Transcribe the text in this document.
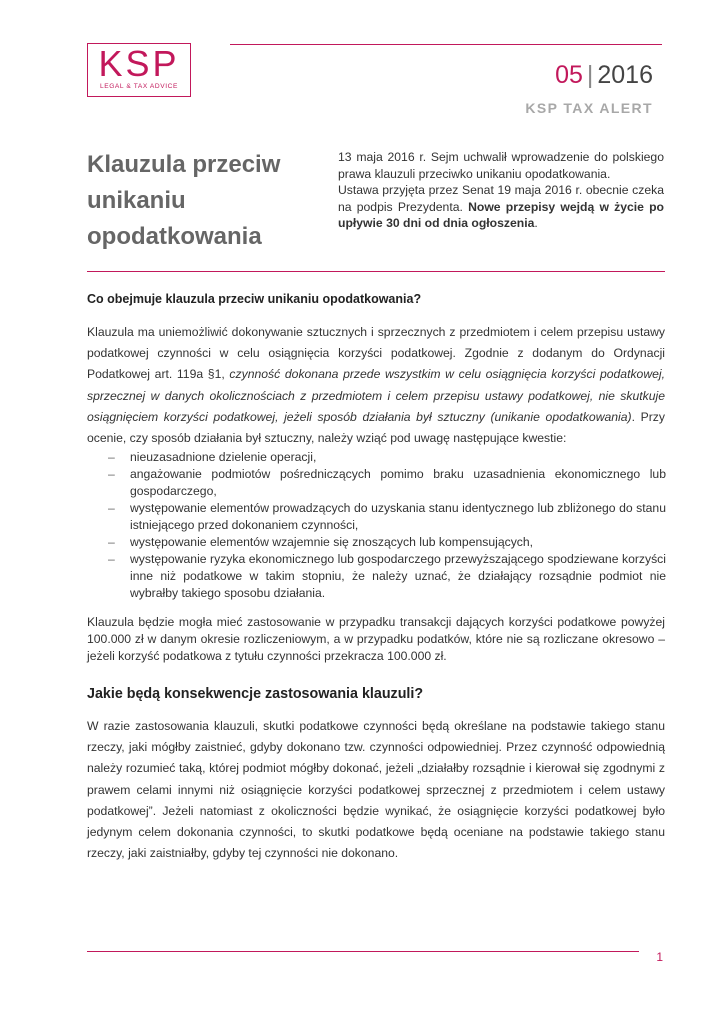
KSP
LEGAL & TAX ADVICE	05 | 2016
KSP TAX ALERT
Klauzula przeciw
unikaniu
opodatkowania

13 maja 2016 r. Sejm uchwalił wprowadzenie do polskiego prawa klauzuli przeciwko unikaniu opodatkowania.

Ustawa przyjęta przez Senat 19 maja 2016 r. obecnie czeka na podpis Prezydenta. Nowe przepisy wejdą w życie po upływie 30 dni od dnia ogłoszenia.

Co obejmuje klauzula przeciw unikaniu opodatkowania?

Klauzula ma uniemożliwić dokonywanie sztucznych i sprzecznych z przedmiotem i celem przepisu ustawy podatkowej czynności w celu osiągnięcia korzyści podatkowej. Zgodnie z dodanym do Ordynacji Podatkowej art. 119a §1, czynność dokonana przede wszystkim w celu osiągnięcia korzyści podatkowej, sprzecznej w danych okolicznościach z przedmiotem i celem przepisu ustawy podatkowej, nie skutkuje osiągnięciem korzyści podatkowej, jeżeli sposób działania był sztuczny (unikanie opodatkowania). Przy ocenie, czy sposób działania był sztuczny, należy wziąć pod uwagę następujące kwestie:

– nieuzasadnione dzielenie operacji,
– angażowanie podmiotów pośredniczących pomimo braku uzasadnienia ekonomicznego lub gospodarczego,
– występowanie elementów prowadzących do uzyskania stanu identycznego lub zbliżonego do stanu istniejącego przed dokonaniem czynności,
– występowanie elementów wzajemnie się znoszących lub kompensujących,
– występowanie ryzyka ekonomicznego lub gospodarczego przewyższającego spodziewane korzyści inne niż podatkowe w takim stopniu, że należy uznać, że działający rozsądnie podmiot nie wybrałby takiego sposobu działania.

Klauzula będzie mogła mieć zastosowanie w przypadku transakcji dających korzyści podatkowe powyżej 100.000 zł w danym okresie rozliczeniowym, a w przypadku podatków, które nie są rozliczane okresowo – jeżeli korzyść podatkowa z tytułu czynności przekracza 100.000 zł.

Jakie będą konsekwencje zastosowania klauzuli?

W razie zastosowania klauzuli, skutki podatkowe czynności będą określane na podstawie takiego stanu rzeczy, jaki mógłby zaistnieć, gdyby dokonano tzw. czynności odpowiedniej. Przez czynność odpowiednią należy rozumieć taką, której podmiot mógłby dokonać, jeżeli „działałby rozsądnie i kierował się zgodnymi z prawem celami innymi niż osiągnięcie korzyści podatkowej sprzecznej z przedmiotem i celem ustawy podatkowej”. Jeżeli natomiast z okoliczności będzie wynikać, że osiągnięcie korzyści podatkowej było jedynym celem dokonania czynności, to skutki podatkowe będą oceniane na podstawie takiego stanu rzeczy, jaki zaistniałby, gdyby tej czynności nie dokonano.

1
